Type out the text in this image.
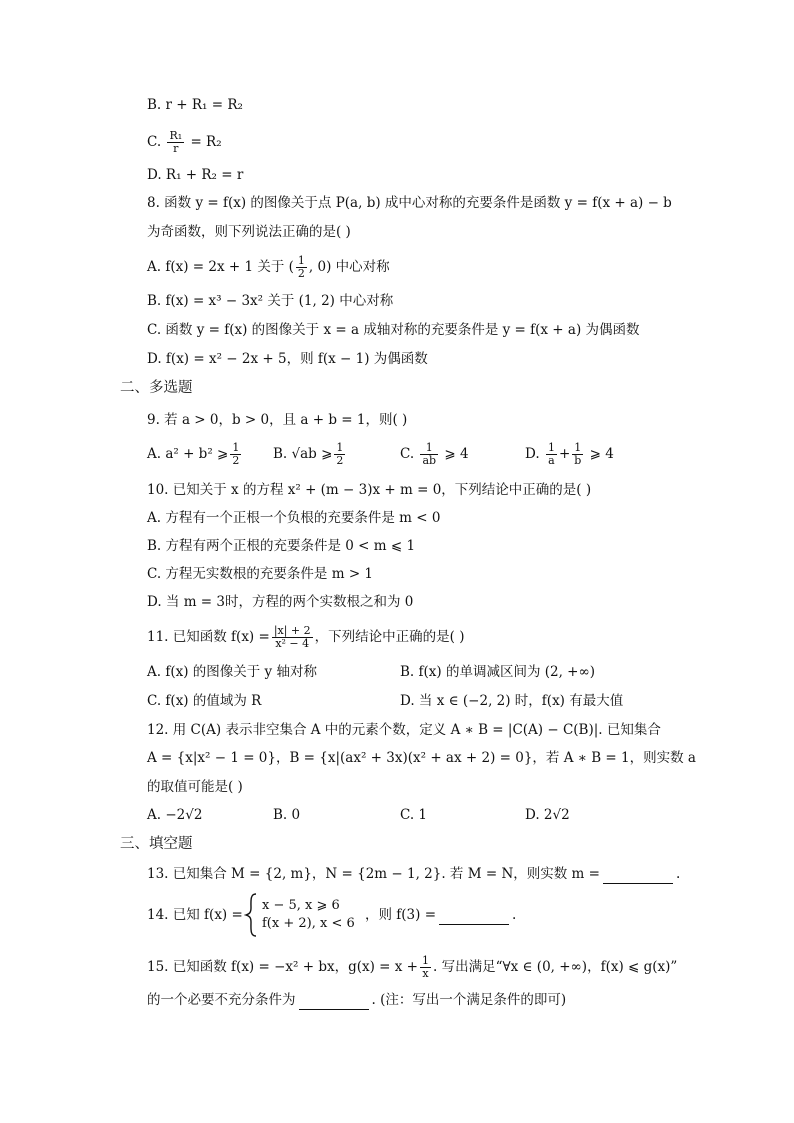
B. r + R₁ = R₂
C. $\frac{\text{R₁}}{r} = R_2$
D. R₁ + R₂ = r
8. 函数 y = f(x) 的图像关于点 P(a, b) 成中心对称的充要条件是函数 y = f(x + a) − b
为奇函数，则下列说法正确的是( )
A. f(x) = 2x + 1 关于 ( $\frac{1}{2}$ , 0) 中心对称
B. f(x) = x³ − 3x² 关于 (1, 2) 中心对称
C. 函数 y = f(x) 的图像关于 x = a 成轴对称的充要条件是 y = f(x + a) 为偶函数
D. f(x) = x² − 2x + 5，则 f(x − 1) 为偶函数
二、多选题
9. 若 a > 0，b > 0，且 a + b = 1，则( )
A. a² + b² ⩾ $\frac{1}{2} B$. √ab ⩾ $\frac{1}{2}$	C. $\frac{1}{ab}$ ⩾ 4	D. $\frac{1}{a} + \frac{1}{b}$ ⩾ 4
10. 已知关于 x 的方程 x² + (m − 3)x + m = 0，下列结论中正确的是( )
A. 方程有一个正根一个负根的充要条件是 m < 0
B. 方程有两个正根的充要条件是 0 < m ⩽ 1
C. 方程无实数根的充要条件是 m > 1
D. 当 m = 3时，方程的两个实数根之和为 0
11. 已知函数 $f(x) = \frac{|x| + 2}{\text{x² − 4}}$ ，下列结论中正确的是( )
A. f(x) 的图像关于 y 轴对称	B. f(x) 的单调减区间为 (2, +∞)
C. f(x) 的值域为 R	D. 当 x ∈ (−2, 2) 时，f(x) 有最大值
12. 用 C(A) 表示非空集合 A 中的元素个数，定义 A ∗ B = |C(A) − C(B)|. 已知集合
A = {x|x² − 1 = 0}，B = {x|(ax² + 3x)(x² + ax + 2) = 0}，若 A ∗ B = 1，则实数 a
的取值可能是( )
A. −2√2	B. 0	C. 1	D. 2√2
三、填空题
13. 已知集合 M = {2, m}，N = {2m − 1, 2}. 若 M = N，则实数 m =	.
14. 已知 f(x) =
x − 5, x ⩾ 6
f(x + 2), x < 6
，则 f(3) =	.
15. 已知函数 f(x) = −x² + bx，$g(x) = x + \frac{1}{x}$ . 写出满足“∀x ∈ (0, +∞)，f(x) ⩽ g(x)”
的一个必要不充分条件为	. (注：写出一个满足条件的即可)
